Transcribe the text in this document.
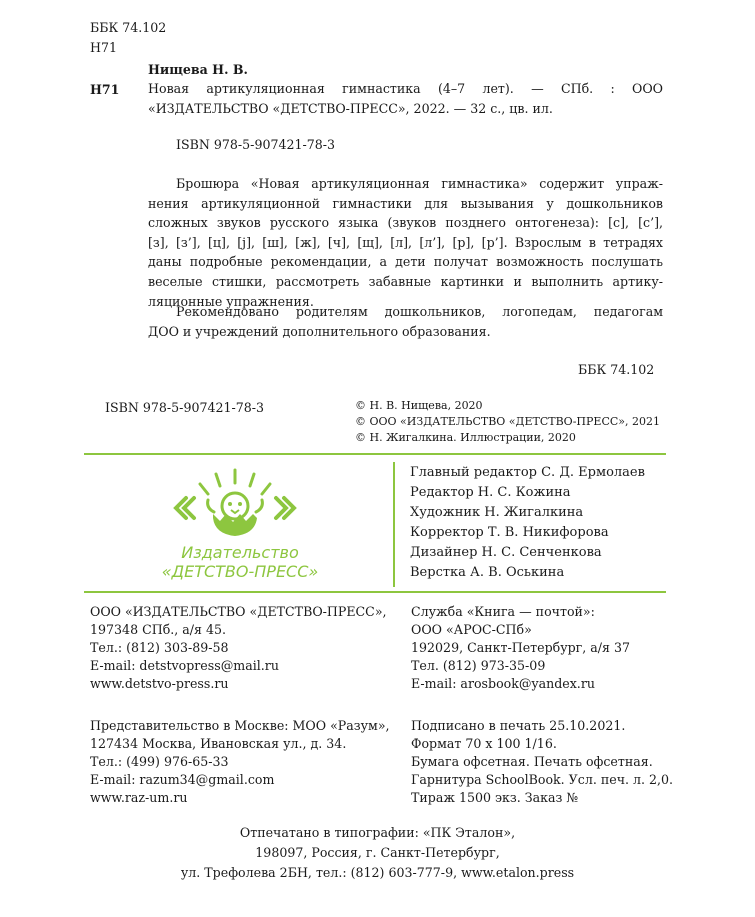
ББК 74.102
Н71
Нищева Н. В.
Н71 Новая артикуляционная гимнастика (4–7 лет). — СПб. : ООО
«ИЗДАТЕЛЬСТВО «ДЕТСТВО-ПРЕСС», 2022. — 32 с., цв. ил.
ISBN 978-5-907421-78-3
Брошюра «Новая артикуляционная гимнастика» содержит упраж-
нения артикуляционной гимнастики для вызывания у дошкольников
сложных звуков русского языка (звуков позднего онтогенеза): [с], [с’],
[з], [з’], [ц], [j], [ш], [ж], [ч], [щ], [л], [л’], [р], [р’]. Взрослым в тетрадях
даны подробные рекомендации, а дети получат возможность послушать
веселые стишки, рассмотреть забавные картинки и выполнить артику-
ляционные упражнения.
Рекомендовано родителям дошкольников, логопедам, педагогам
ДОО и учреждений дополнительного образования.
ББК 74.102
ISBN 978-5-907421-78-3	© Н. В. Нищева, 2020
© ООО «ИЗДАТЕЛЬСТВО «ДЕТСТВО-ПРЕСС», 2021
© Н. Жигалкина. Иллюстрации, 2020
Издательство
«ДЕТСТВО-ПРЕСС»
Главный редактор С. Д. Ермолаев
Редактор Н. С. Кожина
Художник Н. Жигалкина
Корректор Т. В. Никифорова
Дизайнер Н. С. Сенченкова
Верстка А. В. Оськина
ООО «ИЗДАТЕЛЬСТВО «ДЕТСТВО-ПРЕСС»,
197348 СПб., а/я 45.
Тел.: (812) 303-89-58
E-mail: detstvopress@mail.ru
www.detstvo-press.ru
Служба «Книга — почтой»:
ООО «АРОС-СПб»
192029, Санкт-Петербург, а/я 37
Тел. (812) 973-35-09
E-mail: arosbook@yandex.ru
Представительство в Москве: МОО «Разум»,
127434 Москва, Ивановская ул., д. 34.
Тел.: (499) 976-65-33
E-mail: razum34@gmail.com
www.raz-um.ru
Подписано в печать 25.10.2021.
Формат 70 х 100 1/16.
Бумага офсетная. Печать офсетная.
Гарнитура SchoolBook. Усл. печ. л. 2,0.
Тираж 1500 экз. Заказ №
Отпечатано в типографии: «ПК Эталон»,
198097, Россия, г. Санкт-Петербург,
ул. Трефолева 2БН, тел.: (812) 603-777-9, www.etalon.press
